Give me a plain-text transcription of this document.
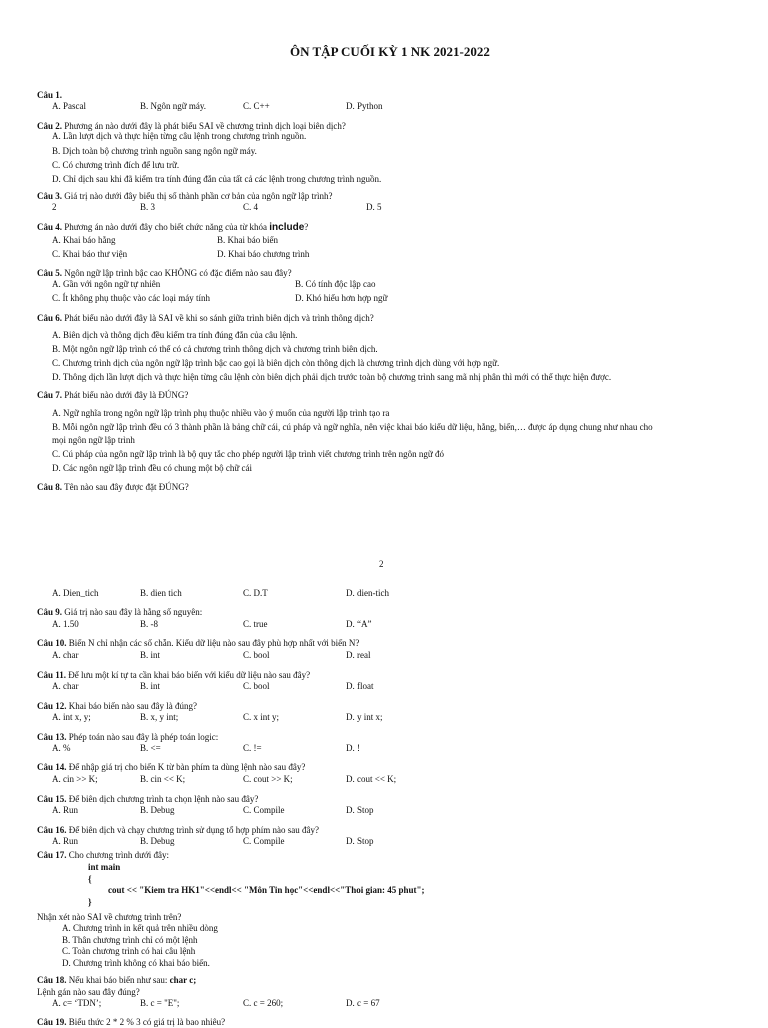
ÔN TẬP CUỐI KỲ 1 NK 2021-2022
Câu 1.
A. Pascal	B. Ngôn ngữ máy.	C. C++	D. Python
Câu 2. Phương án nào dưới đây là phát biểu SAI về chương trình dịch loại biên dịch?
A. Lần lượt dịch và thực hiện từng câu lệnh trong chương trình nguồn.
B. Dịch toàn bộ chương trình nguồn sang ngôn ngữ máy.
C. Có chương trình đích để lưu trữ.
D. Chỉ dịch sau khi đã kiểm tra tính đúng đắn của tất cả các lệnh trong chương trình nguồn.
Câu 3. Giá trị nào dưới đây biểu thị số thành phần cơ bản của ngôn ngữ lập trình?
2	B. 3	C. 4	D. 5
Câu 4. Phương án nào dưới đây cho biết chức năng của từ khóa include?
A. Khai báo hằng	B. Khai báo biến
C. Khai báo thư viện	D. Khai báo chương trình
Câu 5. Ngôn ngữ lập trình bậc cao KHÔNG có đặc điểm nào sau đây?
A. Gần với ngôn ngữ tự nhiên	B. Có tính độc lập cao
C. Ít không phụ thuộc vào các loại máy tính	D. Khó hiểu hơn hợp ngữ
Câu 6. Phát biểu nào dưới đây là SAI về khi so sánh giữa trình biên dịch và trình thông dịch?
A. Biên dịch và thông dịch đều kiểm tra tính đúng đắn của câu lệnh.
B. Một ngôn ngữ lập trình có thể có cả chương trình thông dịch và chương trình biên dịch.
C. Chương trình dịch của ngôn ngữ lập trình bậc cao gọi là biên dịch còn thông dịch là chương trình dịch dùng với hợp ngữ.
D. Thông dịch lần lượt dịch và thực hiện từng câu lệnh còn biên dịch phải dịch trước toàn bộ chương trình sang mã nhị phân thì mới có thể thực hiện được.
Câu 7. Phát biểu nào dưới đây là ĐÚNG?
A. Ngữ nghĩa trong ngôn ngữ lập trình phụ thuộc nhiều vào ý muốn của người lập trình tạo ra
B. Mỗi ngôn ngữ lập trình đều có 3 thành phần là bảng chữ cái, cú pháp và ngữ nghĩa, nên việc khai báo kiểu dữ liệu, hằng, biến,… được áp dụng chung như nhau cho
mọi ngôn ngữ lập trình
C. Cú pháp của ngôn ngữ lập trình là bộ quy tắc cho phép người lập trình viết chương trình trên ngôn ngữ đó
D. Các ngôn ngữ lập trình đều có chung một bộ chữ cái
Câu 8. Tên nào sau đây được đặt ĐÚNG?
2
A. Dien_tich	B. dien tich	C. D.T	D. dien-tich
Câu 9. Giá trị nào sau đây là hằng số nguyên:
A. 1.50	B. -8	C. true	D. “A”
Câu 10. Biến N chỉ nhận các số chẵn. Kiểu dữ liệu nào sau đây phù hợp nhất với biến N?
A. char	B. int	C. bool	D. real
Câu 11. Để lưu một kí tự ta cần khai báo biến với kiểu dữ liệu nào sau đây?
A. char	B. int	C. bool	D. float
Câu 12. Khai báo biến nào sau đây là đúng?
A. int x, y;	B. x, y int;	C. x int y;	D. y int x;
Câu 13. Phép toán nào sau đây là phép toán logic:
A. %	B. <=	C. !=	D. !
Câu 14. Để nhập giá trị cho biến K từ bàn phím ta dùng lệnh nào sau đây?
A. cin >> K;	B. cin << K;	C. cout >> K;	D. cout << K;
Câu 15. Để biên dịch chương trình ta chọn lệnh nào sau đây?
A. Run	B. Debug	C. Compile	D. Stop
Câu 16. Để biên dịch và chạy chương trình sử dụng tổ hợp phím nào sau đây?
A. Run	B. Debug	C. Compile	D. Stop
Câu 17. Cho chương trình dưới đây:
int main
{
cout << "Kiem tra HK1"<<endl<< "Môn Tin học"<<endl<<"Thoi gian: 45 phut";
}
Nhận xét nào SAI về chương trình trên?
A. Chương trình in kết quả trên nhiều dòng
B. Thân chương trình chỉ có một lệnh
C. Toàn chương trình có hai câu lệnh
D. Chương trình không có khai báo biến.
Câu 18. Nếu khai báo biến như sau: char c;
Lệnh gán nào sau đây đúng?
A. c= ‘TDN’;	B. c = "E";	C. c = 260;	D. c = 67
Câu 19. Biểu thức 2 * 2 % 3 có giá trị là bao nhiêu?
